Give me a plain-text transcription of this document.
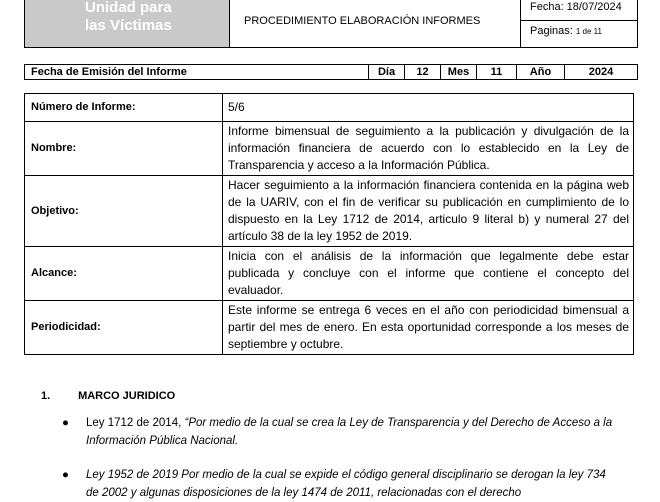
Unidad para
las Víctimas	PROCEDIMIENTO ELABORACIÓN INFORMES
Fecha: 18/07/2024
Paginas: 1 de 11
Fecha de Emisión del Informe	Día	12	Mes	11	Año	2024
Número de Informe:	5/6
Nombre:	Informe bimensual de seguimiento a la publicación y divulgación de la información financiera de acuerdo con lo establecido en la Ley de Transparencia y acceso a la Información Pública.
Objetivo:	Hacer seguimiento a la información financiera contenida en la página web de la UARIV, con el fin de verificar su publicación en cumplimiento de lo dispuesto en la Ley 1712 de 2014, articulo 9 literal b) y numeral 27 del artículo 38 de la ley 1952 de 2019.
Alcance:	Inicia con el análisis de la información que legalmente debe estar publicada y concluye con el informe que contiene el concepto del evaluador.
Periodicidad:	Este informe se entrega 6 veces en el año con periodicidad bimensual a partir del mes de enero. En esta oportunidad corresponde a los meses de septiembre y octubre.
1.	MARCO JURIDICO
● Ley 1712 de 2014, “Por medio de la cual se crea la Ley de Transparencia y del Derecho de Acceso a la Información Pública Nacional.
● Ley 1952 de 2019 Por medio de la cual se expide el código general disciplinario se derogan la ley 734 de 2002 y algunas disposiciones de la ley 1474 de 2011, relacionadas con el derecho
